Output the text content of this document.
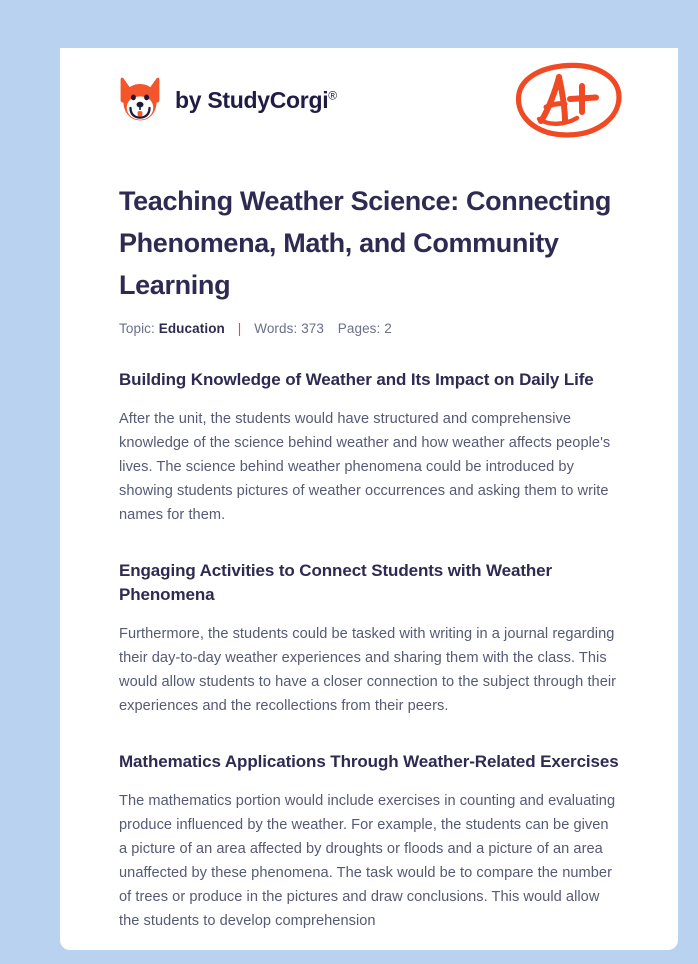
by StudyCorgi®
Teaching Weather Science: Connecting Phenomena, Math, and Community Learning
Topic: Education | Words: 373 Pages: 2
Building Knowledge of Weather and Its Impact on Daily Life

After the unit, the students would have structured and comprehensive knowledge of the science behind weather and how weather affects people's lives. The science behind weather phenomena could be introduced by showing students pictures of weather occurrences and asking them to write names for them.

Engaging Activities to Connect Students with Weather Phenomena

Furthermore, the students could be tasked with writing in a journal regarding their day-to-day weather experiences and sharing them with the class. This would allow students to have a closer connection to the subject through their experiences and the recollections from their peers.

Mathematics Applications Through Weather-Related Exercises

The mathematics portion would include exercises in counting and evaluating produce influenced by the weather. For example, the students can be given a picture of an area affected by droughts or floods and a picture of an area unaffected by these phenomena. The task would be to compare the number of trees or produce in the pictures and draw conclusions. This would allow the students to develop comprehension
